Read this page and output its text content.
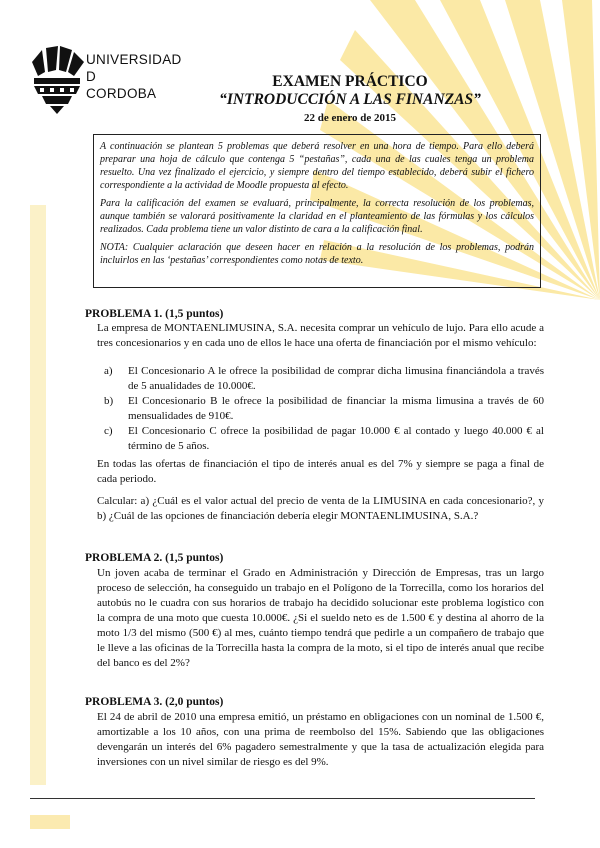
UNIVERSIDAD
D
CORDOBA
EXAMEN PRÁCTICO
“INTRODUCCIÓN A LAS FINANZAS”
22 de enero de 2015

A continuación se plantean 5 problemas que deberá resolver en una hora de tiempo. Para ello deberá preparar una hoja de cálculo que contenga 5 “pestañas”, cada una de las cuales tenga un problema resuelto. Una vez finalizado el ejercicio, y siempre dentro del tiempo establecido, deberá subir el fichero correspondiente a la actividad de Moodle propuesta al efecto.

Para la calificación del examen se evaluará, principalmente, la correcta resolución de los problemas, aunque también se valorará positivamente la claridad en el planteamiento de las fórmulas y los cálculos realizados. Cada problema tiene un valor distinto de cara a la calificación final.

NOTA: Cualquier aclaración que deseen hacer en relación a la resolución de los problemas, podrán incluirlos en las ‘pestañas’ correspondientes como notas de texto.

PROBLEMA 1. (1,5 puntos)

La empresa de MONTAENLIMUSINA, S.A. necesita comprar un vehículo de lujo. Para ello acude a tres concesionarios y en cada uno de ellos le hace una oferta de financiación por el mismo vehículo:

a)	El Concesionario A le ofrece la posibilidad de comprar dicha limusina financiándola a través de 5 anualidades de 10.000€.
b)	El Concesionario B le ofrece la posibilidad de financiar la misma limusina a través de 60 mensualidades de 910€.
c)	El Concesionario C ofrece la posibilidad de pagar 10.000 € al contado y luego 40.000 € al término de 5 años.

En todas las ofertas de financiación el tipo de interés anual es del 7% y siempre se paga a final de cada periodo.

Calcular: a) ¿Cuál es el valor actual del precio de venta de la LIMUSINA en cada concesionario?, y b) ¿Cuál de las opciones de financiación debería elegir MONTAENLIMUSINA, S.A.?

PROBLEMA 2. (1,5 puntos)

Un joven acaba de terminar el Grado en Administración y Dirección de Empresas, tras un largo proceso de selección, ha conseguido un trabajo en el Polígono de la Torrecilla, como los horarios del autobús no le cuadra con sus horarios de trabajo ha decidido solucionar este problema logístico con la compra de una moto que cuesta 10.000€. ¿Si el sueldo neto es de 1.500 € y destina al ahorro de la moto 1/3 del mismo (500 €) al mes, cuánto tiempo tendrá que pedirle a un compañero de trabajo que le lleve a las oficinas de la Torrecilla hasta la compra de la moto, si el tipo de interés anual que recibe del banco es del 2%?

PROBLEMA 3. (2,0 puntos)

El 24 de abril de 2010 una empresa emitió, un préstamo en obligaciones con un nominal de 1.500 €, amortizable a los 10 años, con una prima de reembolso del 15%. Sabiendo que las obligaciones devengarán un interés del 6% pagadero semestralmente y que la tasa de actualización elegida para inversiones con un nivel similar de riesgo es del 9%.
